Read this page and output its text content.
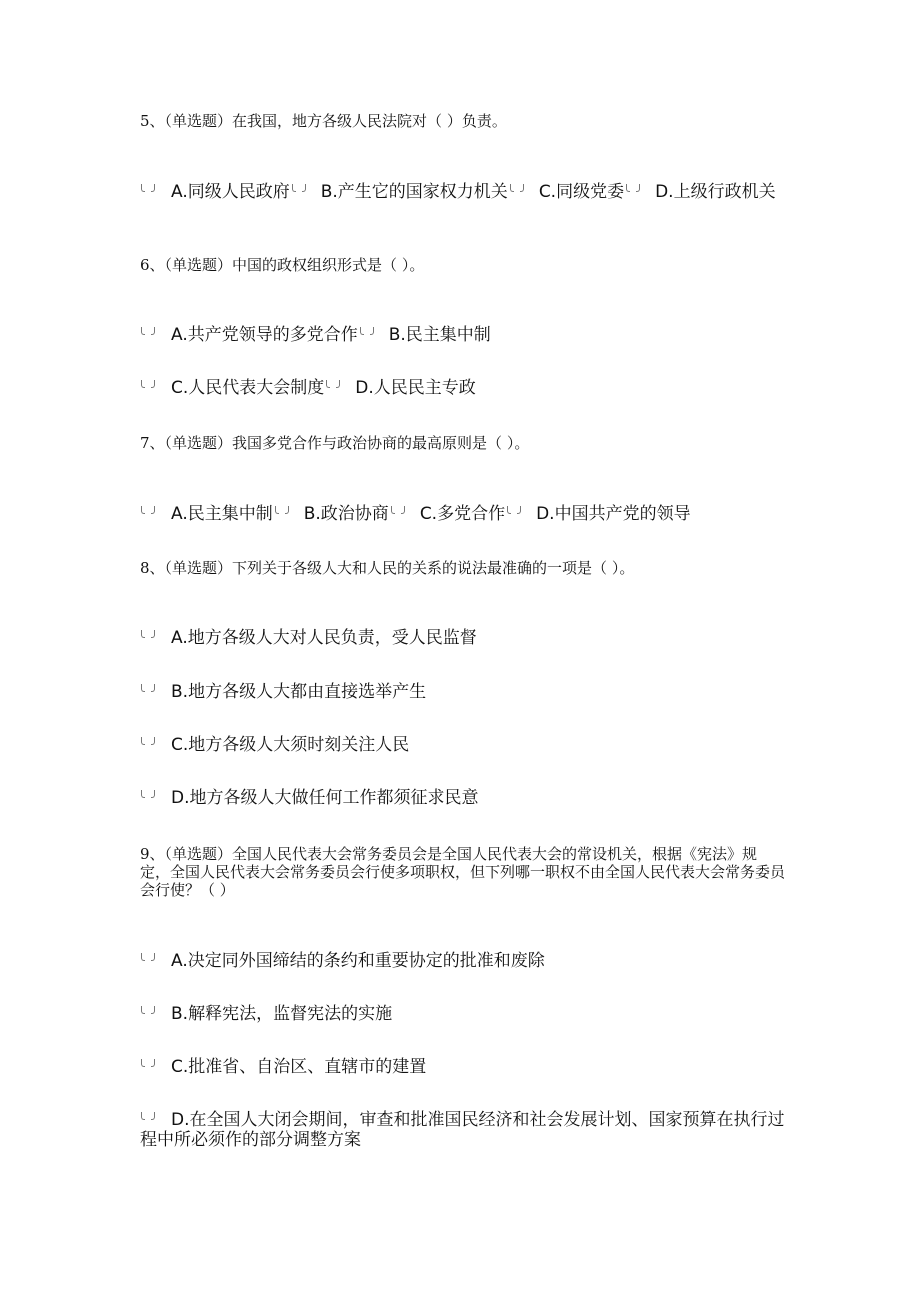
5、（单选题）在我国，地方各级人民法院对（ ）负责。
A.同级人民政府 B.产生它的国家权力机关 C.同级党委 D.上级行政机关
6、（单选题）中国的政权组织形式是（ ）。
A.共产党领导的多党合作 B.民主集中制
C.人民代表大会制度 D.人民民主专政
7、（单选题）我国多党合作与政治协商的最高原则是（ ）。
A.民主集中制 B.政治协商 C.多党合作 D.中国共产党的领导
8、（单选题）下列关于各级人大和人民的关系的说法最准确的一项是（ ）。
A.地方各级人大对人民负责，受人民监督
B.地方各级人大都由直接选举产生
C.地方各级人大须时刻关注人民
D.地方各级人大做任何工作都须征求民意
9、（单选题）全国人民代表大会常务委员会是全国人民代表大会的常设机关，根据《宪法》规定，全国人民代表大会常务委员会行使多项职权，但下列哪一职权不由全国人民代表大会常务委员会行使？（ ）
A.决定同外国缔结的条约和重要协定的批准和废除
B.解释宪法，监督宪法的实施
C.批准省、自治区、直辖市的建置
D.在全国人大闭会期间，审查和批准国民经济和社会发展计划、国家预算在执行过程中所必须作的部分调整方案
